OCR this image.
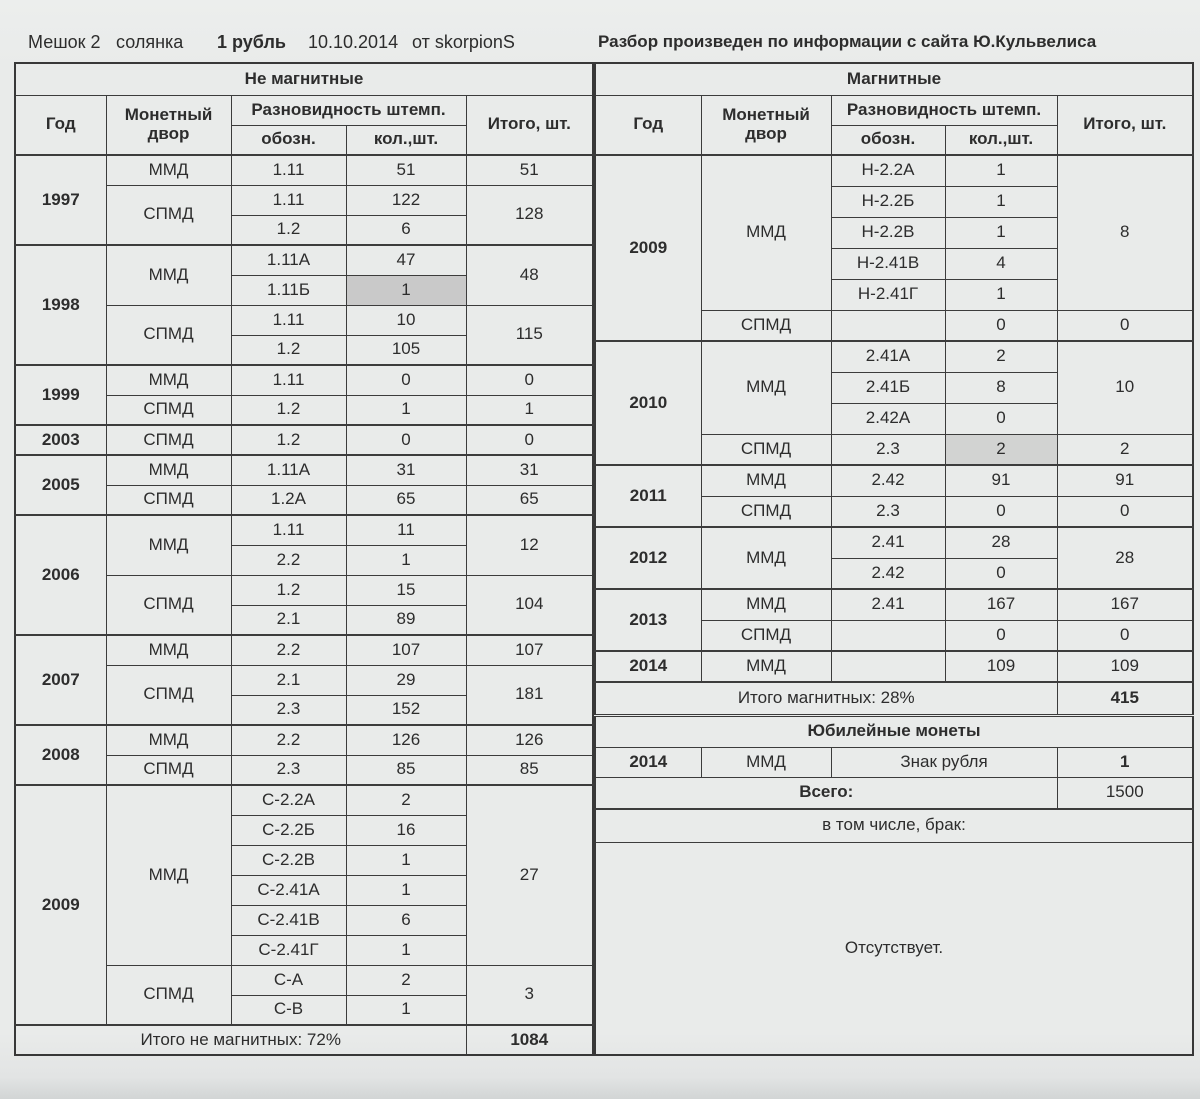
Мешок 2 солянка 1 рубль 10.10.2014 от skorpionS	Разбор произведен по информации с сайта Ю.Кульвелиса
Не магнитные				
Год	Монетный
двор	Разновидность штемп.		Итого, шт.
		обозн.	кол.,шт.	
1997	ММД	1.11	51	51
	СПМД	1.11	122	128
		1.2	6	
1998	ММД	1.11А	47	48
		1.11Б	1	
	СПМД	1.11	10	115
		1.2	105	
1999	ММД	1.11	0	0
	СПМД	1.2	1	1
2003	СПМД	1.2	0	0
2005	ММД	1.11А	31	31
	СПМД	1.2А	65	65
2006	ММД	1.11	11	12
		2.2	1	
	СПМД	1.2	15	104
		2.1	89	
2007	ММД	2.2	107	107
	СПМД	2.1	29	181
		2.3	152	
2008	ММД	2.2	126	126
	СПМД	2.3	85	85
2009	ММД	С-2.2А	2	27
		С-2.2Б	16	
		С-2.2В	1	
		С-2.41А	1	
		С-2.41В	6	
		С-2.41Г	1	
	СПМД	С-А	2	3
		С-В	1	
Итого не магнитных: 72%				1084
Магнитные				
Год	Монетный
двор	Разновидность штемп.		Итого, шт.
		обозн.	кол.,шт.	
2009	ММД	Н-2.2А	1	8
		Н-2.2Б	1	
		Н-2.2В	1	
		Н-2.41В	4	
		Н-2.41Г	1	
	СПМД		0	0
2010	ММД	2.41А	2	10
		2.41Б	8	
		2.42А	0	
	СПМД	2.3	2	2
2011	ММД	2.42	91	91
	СПМД	2.3	0	0
2012	ММД	2.41	28	28
		2.42	0	
2013	ММД	2.41	167	167
	СПМД		0	0
2014	ММД		109	109
Итого магнитных: 28%				415
Юбилейные монеты				
2014	ММД	Знак рубля		1
Всего:				1500
в том числе, брак:				
Отсутствует.				
